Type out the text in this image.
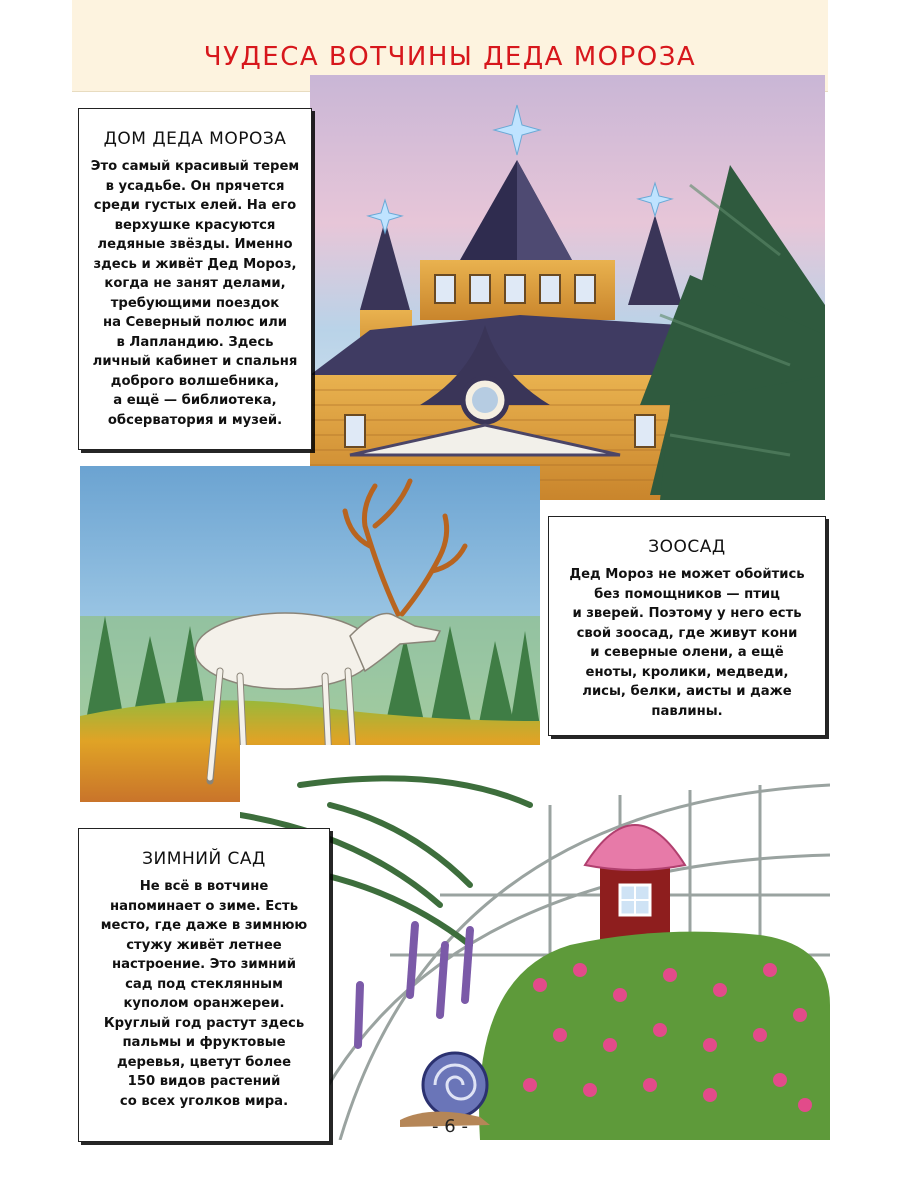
ЧУДЕСА ВОТЧИНЫ ДЕДА МОРОЗА
ДОМ ДЕДА МОРОЗА

Это самый красивый терем
в усадьбе. Он прячется
среди густых елей. На его
верхушке красуются
ледяные звёзды. Именно
здесь и живёт Дед Мороз,
когда не занят делами,
требующими поездок
на Северный полюс или
в Лапландию. Здесь
личный кабинет и спальня
доброго волшебника,
а ещё — библиотека,
обсерватория и музей.

ЗООСАД

Дед Мороз не может обойтись
без помощников — птиц
и зверей. Поэтому у него есть
свой зоосад, где живут кони
и северные олени, а ещё
еноты, кролики, медведи,
лисы, белки, аисты и даже
павлины.

ЗИМНИЙ САД

Не всё в вотчине
напоминает о зиме. Есть
место, где даже в зимнюю
стужу живёт летнее
настроение. Это зимний
сад под стеклянным
куполом оранжереи.
Круглый год растут здесь
пальмы и фруктовые
деревья, цветут более
150 видов растений
со всех уголков мира.

- 6 -
